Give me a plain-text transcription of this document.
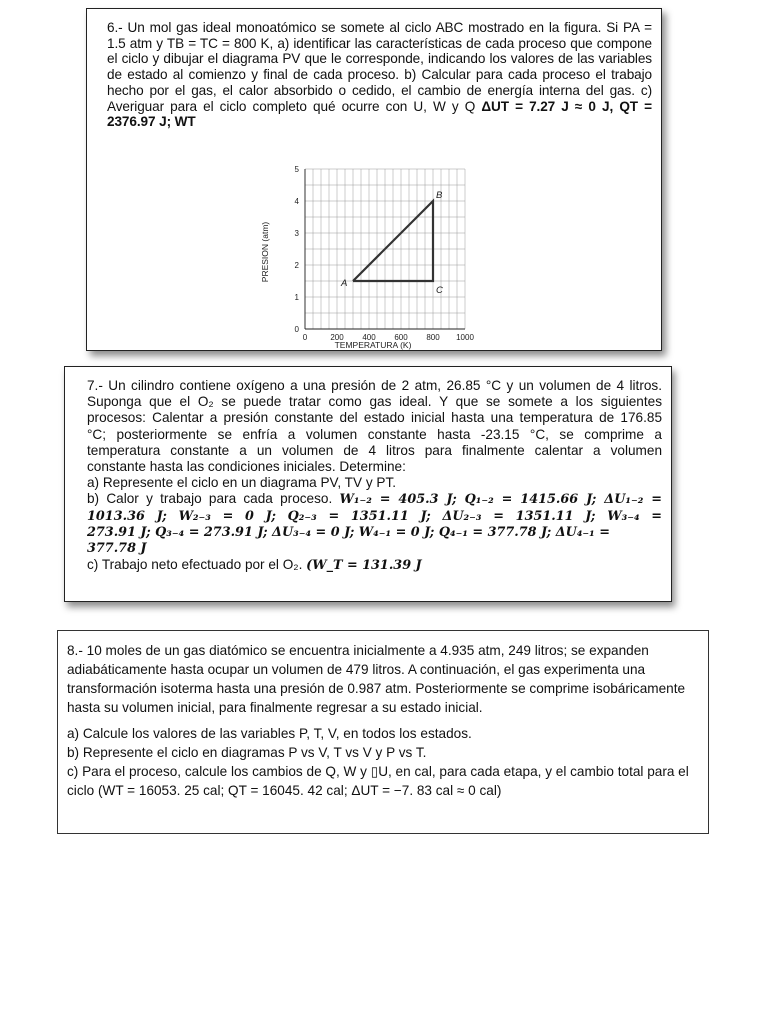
6.- Un mol gas ideal monoatómico se somete al ciclo ABC mostrado en la figura. Si PA = 1.5 atm y TB = TC = 800 K, a) identificar las características de cada proceso que compone el ciclo y dibujar el diagrama PV que le corresponde, indicando los valores de las variables de estado al comienzo y final de cada proceso. b) Calcular para cada proceso el trabajo hecho por el gas, el calor absorbido o cedido, el cambio de energía interna del gas. c) Averiguar para el ciclo completo qué ocurre con U, W y Q ΔUT = 7.27 J ≈ 0 J, QT = 2376.97 J; WT
0	200 400 600 800 1000
0
1
2
3
4
5
A
B
C
TEMPERATURA (K)
PRESION (atm)
7.- Un cilindro contiene oxígeno a una presión de 2 atm, 26.85 °C y un volumen de 4 litros.
Suponga que el O₂ se puede tratar como gas ideal. Y que se somete a los siguientes
procesos: Calentar a presión constante del estado inicial hasta una temperatura de 176.85
°C; posteriormente se enfría a volumen constante hasta -23.15 °C, se comprime a
temperatura constante a un volumen de 4 litros para finalmente calentar a volumen
constante hasta las condiciones iniciales. Determine:
a) Represente el ciclo en un diagrama PV, TV y PT.
b) Calor y trabajo para cada proceso. W₁₋₂ = 405.3 J; Q₁₋₂ = 1415.66 J; ΔU₁₋₂ =
1013.36 J; W₂₋₃ = 0 J; Q₂₋₃ = 1351.11 J; ΔU₂₋₃ = 1351.11 J; W₃₋₄ =
273.91 J; Q₃₋₄ = 273.91 J; ΔU₃₋₄ = 0 J; W₄₋₁ = 0 J; Q₄₋₁ = 377.78 J; ΔU₄₋₁ =
377.78 J
c) Trabajo neto efectuado por el O₂. (W_T = 131.39 J

8.- 10 moles de un gas diatómico se encuentra inicialmente a 4.935 atm, 249 litros; se expanden adiabáticamente hasta ocupar un volumen de 479 litros. A continuación, el gas experimenta una transformación isoterma hasta una presión de 0.987 atm. Posteriormente se comprime isobáricamente hasta su volumen inicial, para finalmente regresar a su estado inicial.

a) Calcule los valores de las variables P, T, V, en todos los estados.

b) Represente el ciclo en diagramas P vs V, T vs V y P vs T.

c) Para el proceso, calcule los cambios de Q, W y ▯U, en cal, para cada etapa, y el cambio total para el ciclo (WT = 16053. 25 cal; QT = 16045. 42 cal; ΔUT = −7. 83 cal ≈ 0 cal)
